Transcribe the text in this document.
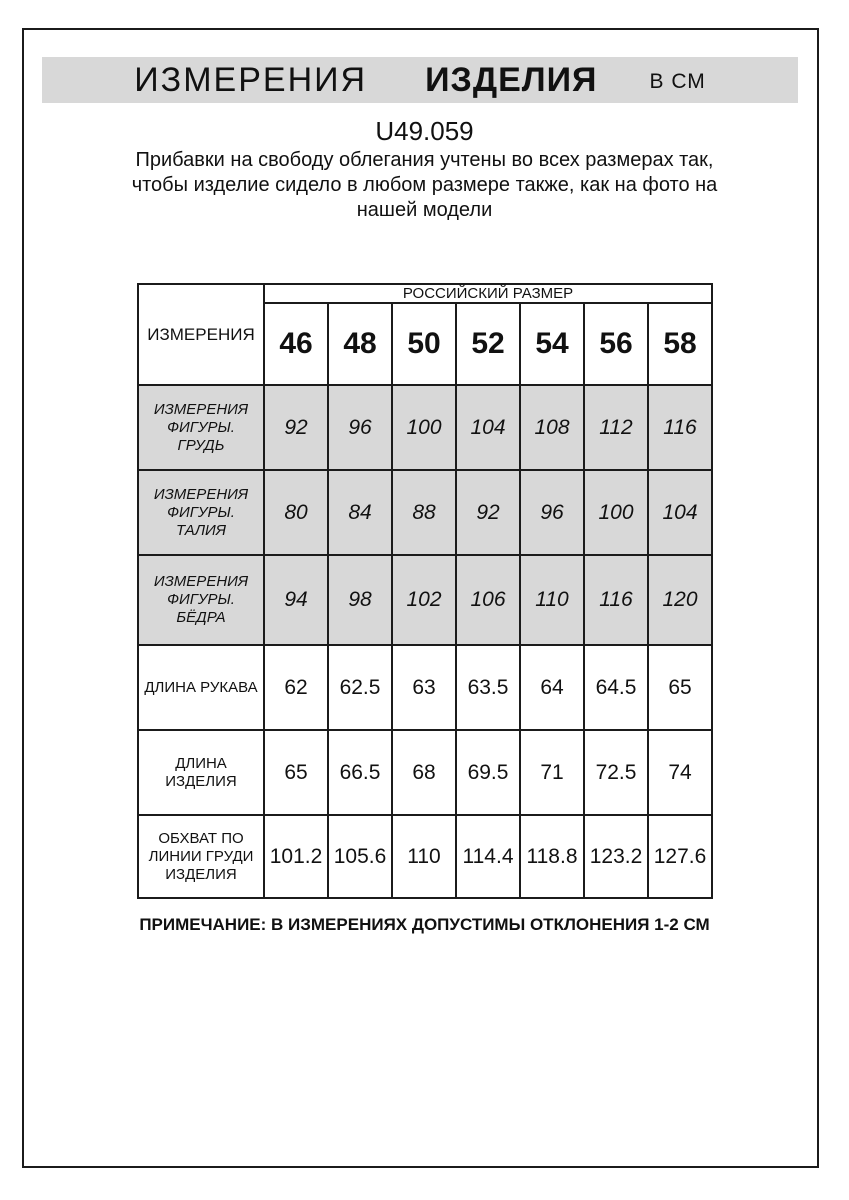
ИЗМЕРЕНИЯ ИЗДЕЛИЯ В СМ
U49.059
Прибавки на свободу облегания учтены во всех размерах так,
чтобы изделие сидело в любом размере также, как на фото на
нашей модели
ИЗМЕРЕНИЯ	РОССИЙСКИЙ РАЗМЕР						
	46	48	50	52	54	56	58
ИЗМЕРЕНИЯ ФИГУРЫ. ГРУДЬ	92	96	100	104	108	112	116
ИЗМЕРЕНИЯ ФИГУРЫ. ТАЛИЯ	80	84	88	92	96	100	104
ИЗМЕРЕНИЯ ФИГУРЫ. БЁДРА	94	98	102	106	110	116	120
ДЛИНА РУКАВА	62	62.5	63	63.5	64	64.5	65
ДЛИНА ИЗДЕЛИЯ	65	66.5	68	69.5	71	72.5	74
ОБХВАТ ПО ЛИНИИ ГРУДИ ИЗДЕЛИЯ	101.2	105.6	110	114.4	118.8	123.2	127.6
ПРИМЕЧАНИЕ: В ИЗМЕРЕНИЯХ ДОПУСТИМЫ ОТКЛОНЕНИЯ 1-2 СМ
